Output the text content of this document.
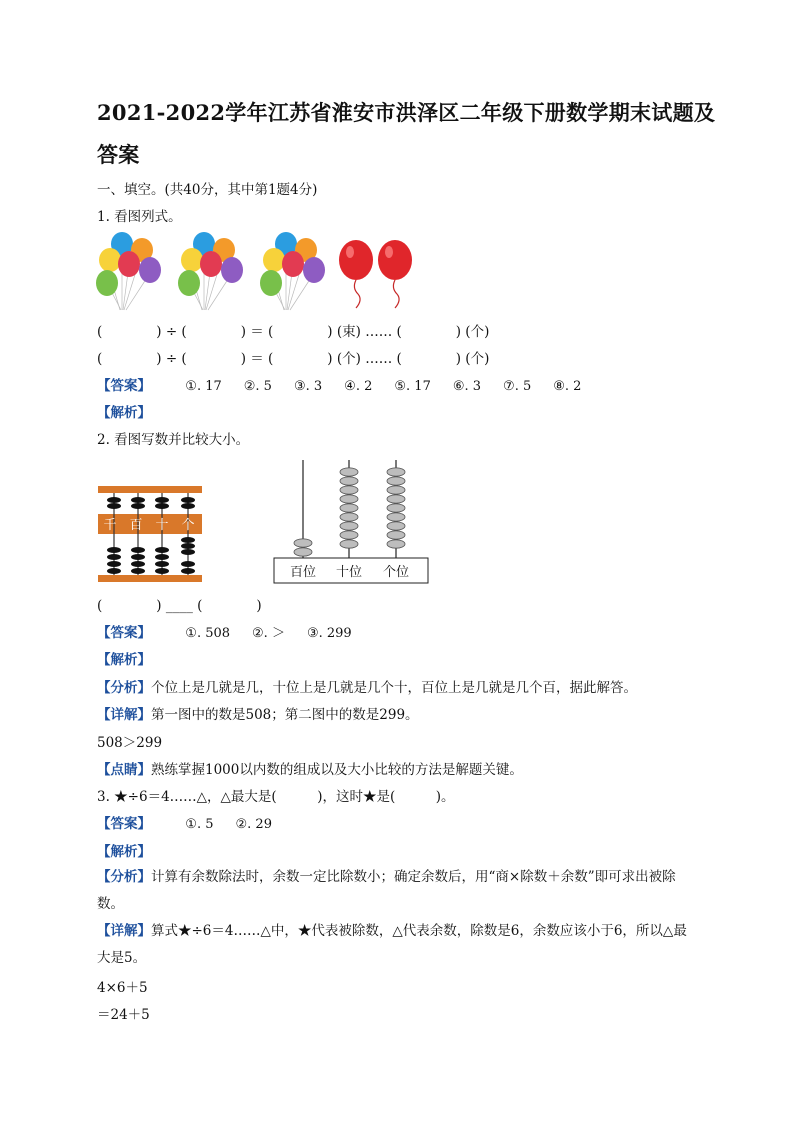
2021-2022学年江苏省淮安市洪泽区二年级下册数学期末试题及答案
一、填空。(共40分，其中第1题4分)
1. 看图列式。
(　　　　) ÷ (　　　　) ＝ (　　　　) (束) …… (　　　　) (个)
(　　　　) ÷ (　　　　) ＝ (　　　　) (个) …… (　　　　) (个)
【答案】	①. 17 ②. 5 ③. 3 ④. 2 ⑤. 17 ⑥. 3 ⑦. 5 ⑧. 2
【解析】
2. 看图写数并比较大小。
千 百 十 个
百位 十位 个位
(　　　　) ____ (　　　　)
【答案】	①. 508 ②. ＞ ③. 299
【解析】
【分析】个位上是几就是几，十位上是几就是几个十，百位上是几就是几个百，据此解答。
【详解】第一图中的数是508；第二图中的数是299。
508＞299
【点睛】熟练掌握1000以内数的组成以及大小比较的方法是解题关键。
3. ★÷6＝4……△，△最大是(　　　)，这时★是(　　　)。
【答案】	①. 5 ②. 29
【解析】
【分析】计算有余数除法时，余数一定比除数小；确定余数后，用“商×除数＋余数”即可求出被除数。
【详解】算式★÷6＝4……△中，★代表被除数，△代表余数，除数是6，余数应该小于6，所以△最大是5。
4×6＋5
＝24＋5
